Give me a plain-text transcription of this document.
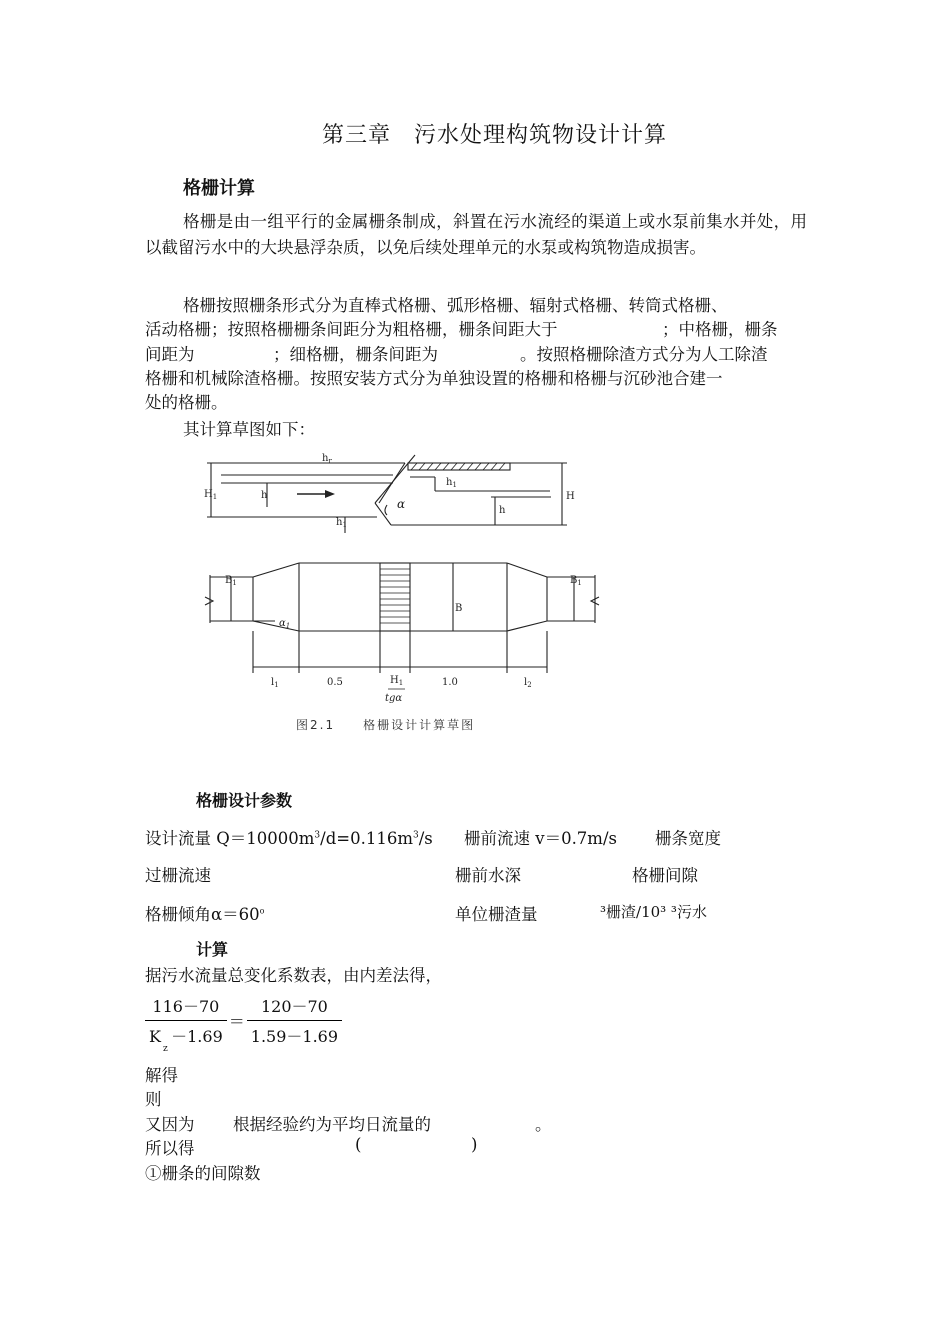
第三章　污水处理构筑物设计计算
格栅计算
格栅是由一组平行的金属栅条制成，斜置在污水流经的渠道上或水泵前集水并处，用以截留污水中的大块悬浮杂质，以免后续处理单元的水泵或构筑物造成损害。
格栅按照栅条形式分为直棒式格栅、弧形格栅、辐射式格栅、转筒式格栅、
活动格栅；按照格栅栅条间距分为粗格栅，栅条间距大于	；中格栅，栅条
间距为	；细格栅，栅条间距为	。按照格栅除渣方式分为人工除渣
格栅和机械除渣格栅。按照安装方式分为单独设置的格栅和格栅与沉砂池合建一
处的格栅。
其计算草图如下：
$h_r$
$H_1$	h
$h_1$
$h_1$
α	h
H
$B_1$	$B_1$
B
$\alpha_1$
$l_1$	0.5	$H_1$
tgα
1.0	$l_2$
图2.1　　格栅设计计算草图
格栅设计参数
设计流量 $Q=10000m^3/d=0.116m^3/s$ 栅前流速 v＝0.7m/s 栅条宽度
过栅流速	栅前水深	格栅间隙
格栅倾角$\alpha=60^o$	单位栅渣量	³栅渣/10³ ³污水
计算
据污水流量总变化系数表，由内差法得，
$\frac{116-70}{K -1.69} = \frac{120-70}{1.59-1.69}$
z
解得
则
又因为 根据经验约为平均日流量的	。
所以得	(	)
①栅条的间隙数
